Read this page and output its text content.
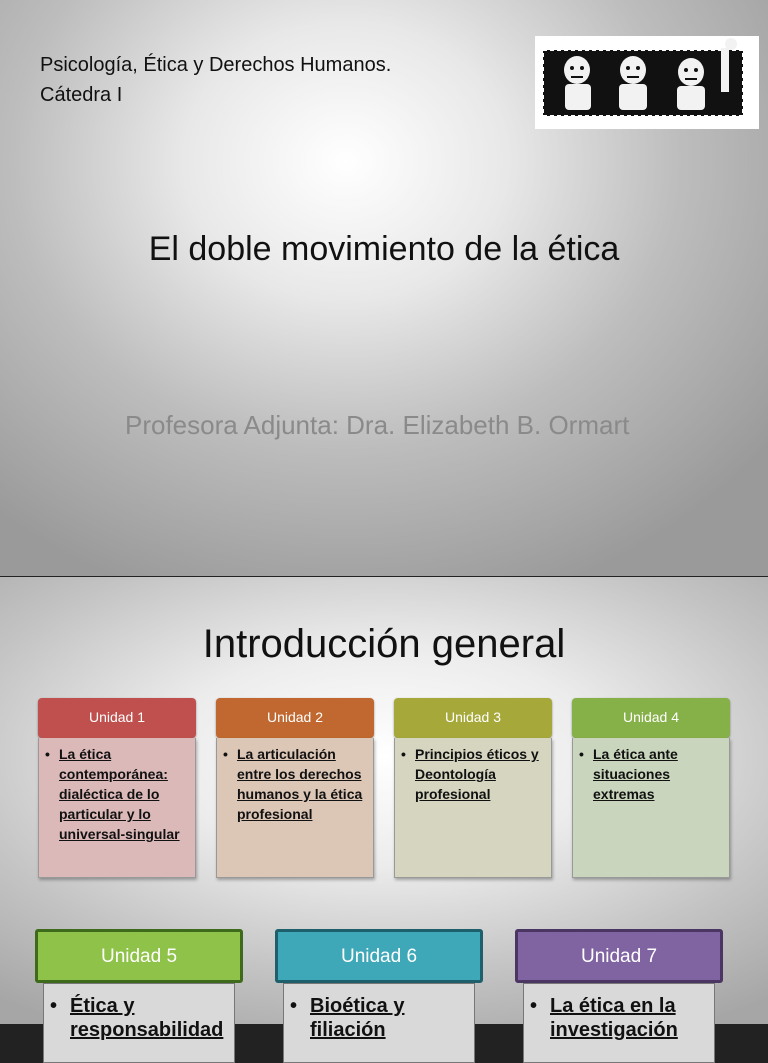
Psicología, Ética y Derechos Humanos.
Cátedra I
El doble movimiento de la ética
Profesora Adjunta: Dra. Elizabeth B. Ormart
Introducción general
Unidad 1
• La ética contemporánea: dialéctica de lo particular y lo universal-singular
Unidad 2
• La articulación entre los derechos humanos y la ética profesional
Unidad 3
• Principios éticos y Deontología profesional
Unidad 4
• La ética ante situaciones extremas
Unidad 5
• Ética y responsabilidad
Unidad 6
• Bioética y filiación
Unidad 7
• La ética en la investigación
